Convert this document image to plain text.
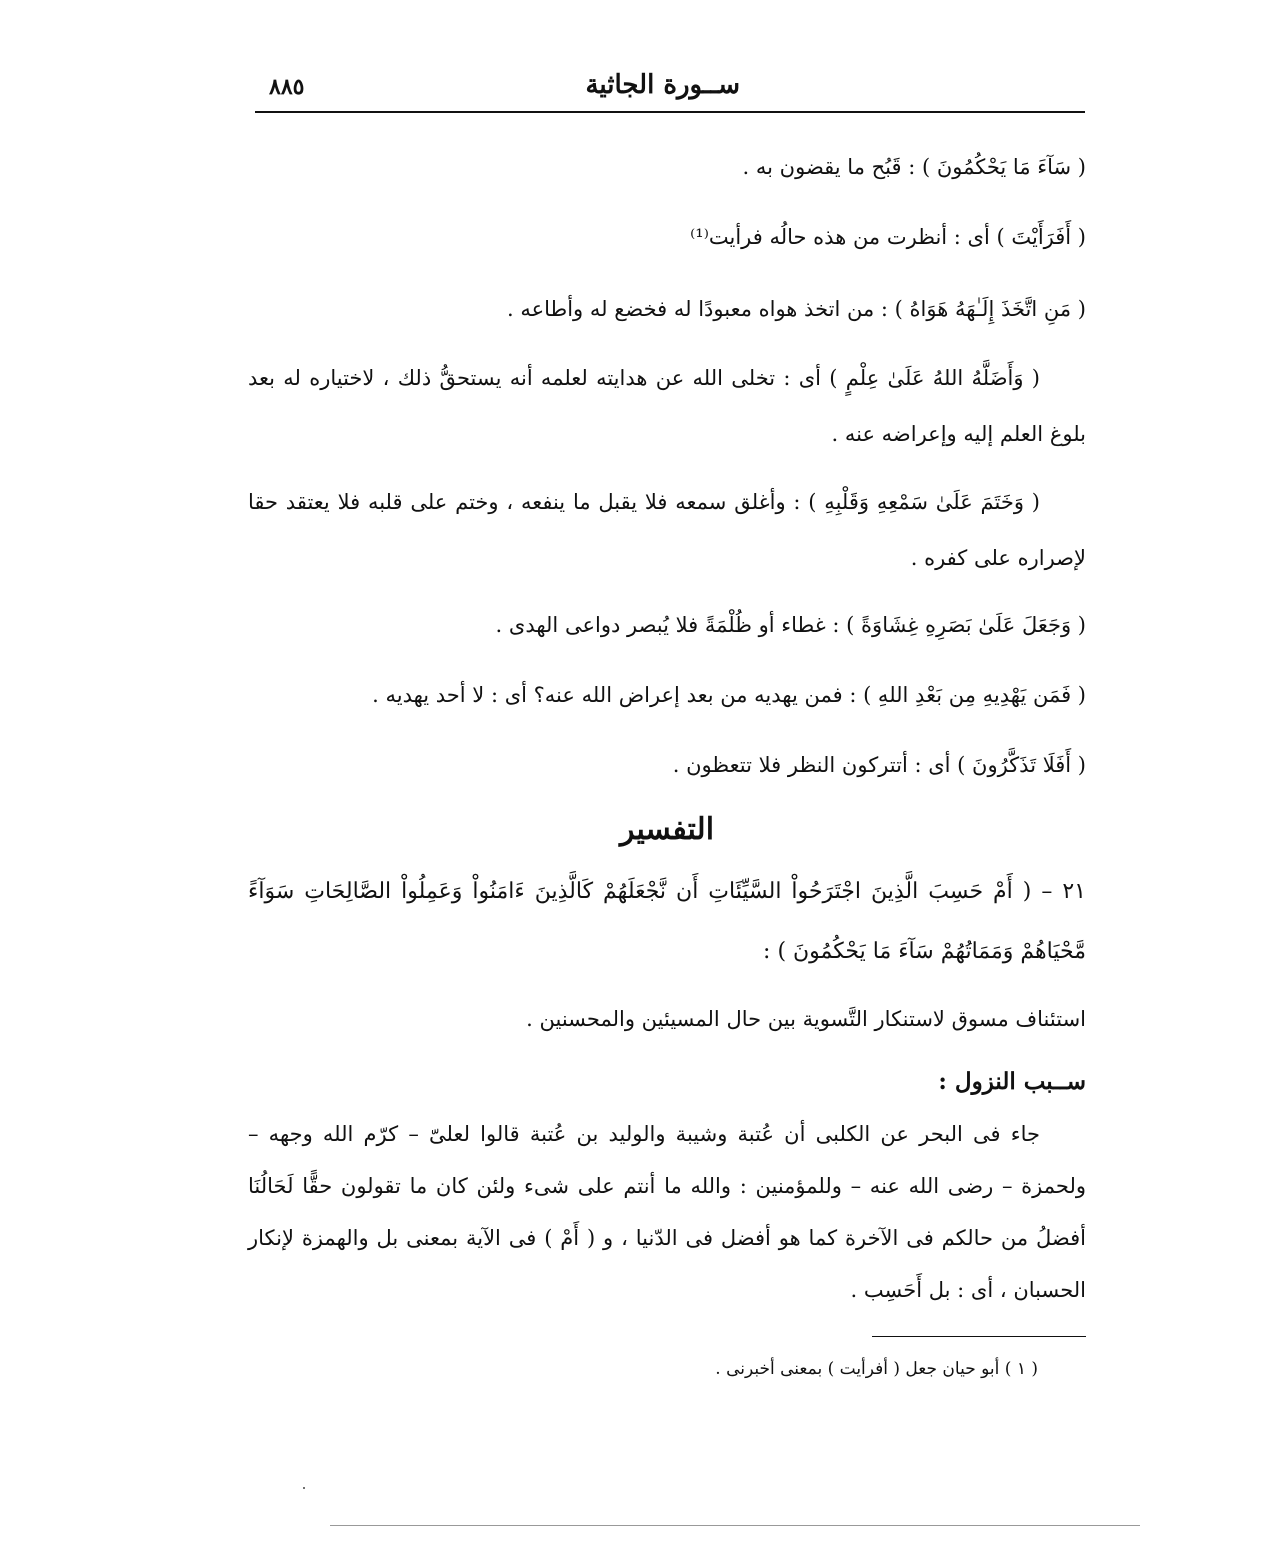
ســورة الجاثية
٨٨٥
( سَآءَ مَا يَحْكُمُونَ ) : قَبُح ما يقضون به .
( أَفَرَأَيْتَ ) أى : أنظرت من هذه حالُه فرأيت⁽¹⁾
( مَنِ اتَّخَذَ إِلَـٰهَهُ هَوَاهُ ) : من اتخذ هواه معبودًا له فخضع له وأطاعه .
( وَأَضَلَّهُ اللهُ عَلَىٰ عِلْمٍ ) أى : تخلى الله عن هدايته لعلمه أنه يستحقُّ ذلك ، لاختياره له بعد بلوغ العلم إليه وإعراضه عنه .
( وَخَتَمَ عَلَىٰ سَمْعِهِ وَقَلْبِهِ ) : وأغلق سمعه فلا يقبل ما ينفعه ، وختم على قلبه فلا يعتقد حقا لإصراره على كفره .
( وَجَعَلَ عَلَىٰ بَصَرِهِ غِشَاوَةً ) : غطاء أو ظُلْمَةً فلا يُبصر دواعى الهدى .
( فَمَن يَهْدِيهِ مِن بَعْدِ اللهِ ) : فمن يهديه من بعد إعراض الله عنه؟ أى : لا أحد يهديه .
( أَفَلَا تَذَكَّرُونَ ) أى : أتتركون النظر فلا تتعظون .
التفسير
٢١ – ( أَمْ حَسِبَ الَّذِينَ اجْتَرَحُواْ السَّيِّئَاتِ أَن نَّجْعَلَهُمْ كَالَّذِينَ ءَامَنُواْ وَعَمِلُواْ الصَّالِحَاتِ سَوَآءً مَّحْيَاهُمْ وَمَمَاتُهُمْ سَآءَ مَا يَحْكُمُونَ ) :
استئناف مسوق لاستنكار التَّسوية بين حال المسيئين والمحسنين .
ســبب النزول :
جاء فى البحر عن الكلبى أن عُتبة وشيبة والوليد بن عُتبة قالوا لعلىّ – كرّم الله وجهه – ولحمزة – رضى الله عنه – وللمؤمنين : والله ما أنتم على شىء ولئن كان ما تقولون حقًّا لَحَالُنَا أفضلُ من حالكم فى الآخرة كما هو أفضل فى الدّنيا ، و ( أَمْ ) فى الآية بمعنى بل والهمزة لإنكار الحسبان ، أى : بل أَحَسِب .
( ١ ) أبو حيان جعل ( أفرأيت ) بمعنى أخبرنى .
